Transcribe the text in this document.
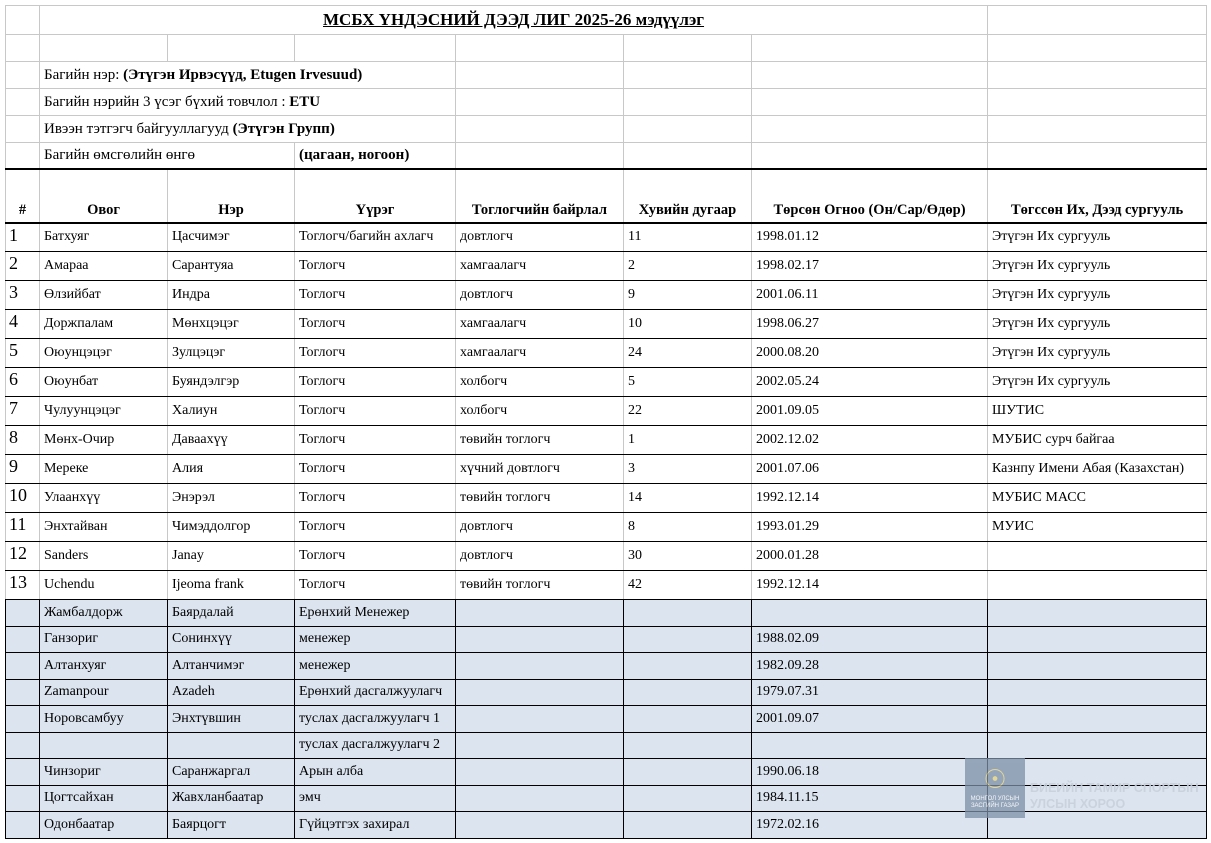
	МСБХ ҮНДЭСНИЙ ДЭЭД ЛИГ 2025-26 мэдүүлэг						

	Багийн нэр: (Этүгэн Ирвэсүүд, Etugen Irvesuud)						
	Багийн нэрийн 3 үсэг бүхий товчлол : ETU						
	Ивээн тэтгэгч байгууллагууд (Этүгэн Групп)						
	Багийн өмсгөлийн өнгө		(цагаан, ногоон)				
#	Овог	Нэр	Үүрэг	Тоглогчийн байрлал	Хувийн дугаар	Төрсөн Огноо (Он/Сар/Өдөр)	Төгссөн Их, Дээд сургууль
1	Батхуяг	Цасчимэг	Тоглогч/багийн ахлагч	довтлогч	11	1998.01.12	Этүгэн Их сургууль
2	Амараа	Сарантуяа	Тоглогч	хамгаалагч	2	1998.02.17	Этүгэн Их сургууль
3	Өлзийбат	Индра	Тоглогч	довтлогч	9	2001.06.11	Этүгэн Их сургууль
4	Доржпалам	Мөнхцэцэг	Тоглогч	хамгаалагч	10	1998.06.27	Этүгэн Их сургууль
5	Оюунцэцэг	Зулцэцэг	Тоглогч	хамгаалагч	24	2000.08.20	Этүгэн Их сургууль
6	Оюунбат	Буяндэлгэр	Тоглогч	холбогч	5	2002.05.24	Этүгэн Их сургууль
7	Чулуунцэцэг	Халиун	Тоглогч	холбогч	22	2001.09.05	ШУТИС
8	Мөнх-Очир	Даваахүү	Тоглогч	төвийн тоглогч	1	2002.12.02	МУБИС сурч байгаа
9	Мереке	Алия	Тоглогч	хүчний довтлогч	3	2001.07.06	Казнпу Имени Абая (Казахстан)
10	Улаанхүү	Энэрэл	Тоглогч	төвийн тоглогч	14	1992.12.14	МУБИС МАСС
11	Энхтайван	Чимэддолгор	Тоглогч	довтлогч	8	1993.01.29	МУИС
12	Sanders	Janay	Тоглогч	довтлогч	30	2000.01.28	
13	Uchendu	Ijeoma frank	Тоглогч	төвийн тоглогч	42	1992.12.14	
	Жамбалдорж	Баярдалай	Ерөнхий Менежер				
	Ганзориг	Сонинхүү	менежер			1988.02.09	
	Алтанхуяг	Алтанчимэг	менежер			1982.09.28	
	Zamanpour	Azadeh	Ерөнхий дасгалжуулагч			1979.07.31	
	Норовсамбуу	Энхтүвшин	туслах дасгалжуулагч 1			2001.09.07	
			туслах дасгалжуулагч 2				
	Чинзориг	Саранжаргал	Арын алба			1990.06.18	
	Цогтсайхан	Жавхланбаатар	эмч			1984.11.15	
	Одонбаатар	Баярцогт	Гүйцэтгэх захирал			1972.02.16	
☉
МОНГОЛ УЛСЫН ЗАСГИЙН ГАЗАР
БИЕИЙН ТАМИР СПОРТЫН
УЛСЫН ХОРОО
